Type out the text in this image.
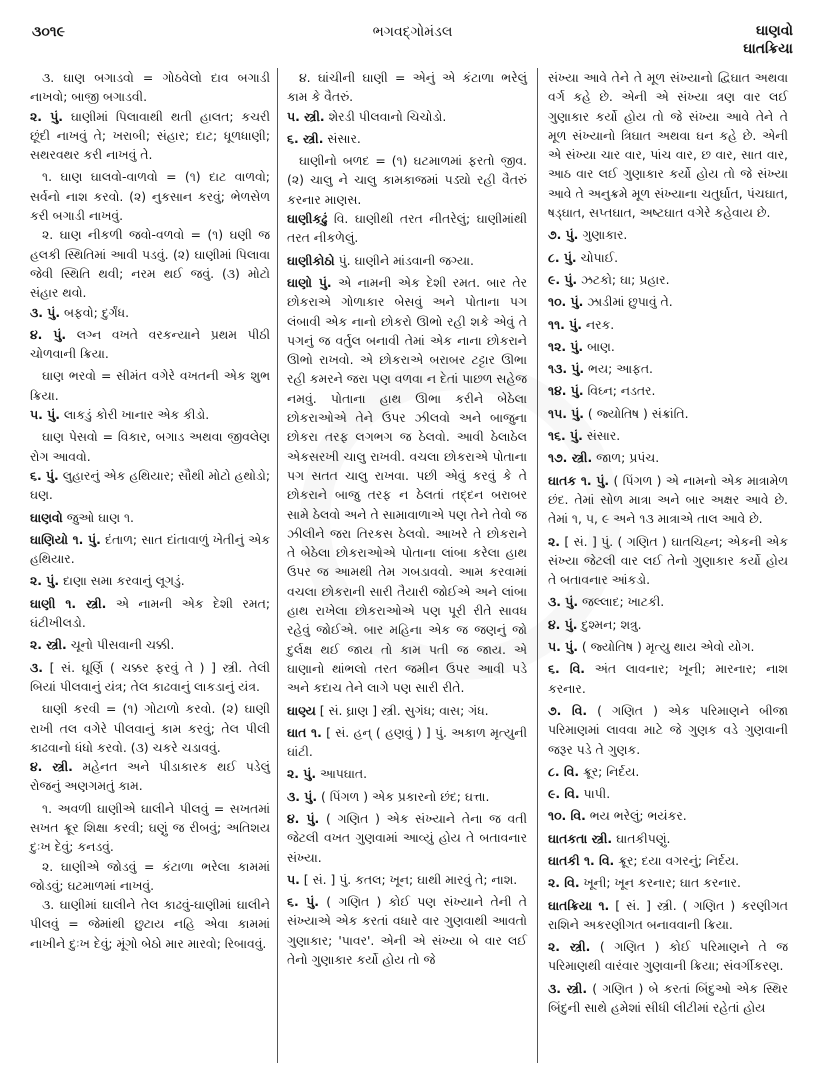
૩૦૧૯	ભગવદ્ગોમંડલ	ઘાણવો
ઘાતક્રિયા

૩. ઘાણ બગાડવો = ગોઠવેલો દાવ બગાડી નાખવો; બાજી બગાડવી.

૨. પું. ઘાણીમાં પિલાવાથી થતી હાલત; કચરી છૂંદી નાખવું તે; ખરાબી; સંહાર; દાટ; ધૂળધાણી; સથરવથર કરી નાખવું તે.

૧. ઘાણ ઘાલવો-વાળવો = (૧) દાટ વાળવો; સર્વનો નાશ કરવો. (૨) નુકસાન કરવું; ભેળસેળ કરી બગાડી નાખવું.

૨. ઘાણ નીકળી જવો-વળવો = (૧) ઘણી જ હલકી સ્થિતિમાં આવી પડવું. (૨) ઘાણીમાં પિલાવા જેવી સ્થિતિ થવી; નરમ થઈ જવું. (૩) મોટો સંહાર થવો.

૩. પું. બફવો; દુર્ગંધ.

૪. પું. લગ્ન વખતે વરકન્યાને પ્રથમ પીઠી ચોળવાની ક્રિયા.

ઘાણ ભરવો = સીમંત વગેરે વખતની એક શુભ ક્રિયા.

૫. પું. લાકડું કોરી ખાનાર એક કીડો.

ઘાણ પેસવો = વિકાર, બગાડ અથવા જીવલેણ રોગ આવવો.

૬. પું. લુહારનું એક હથિયાર; સૌથી મોટો હથોડો; ઘણ.

ઘાણવો જુઓ ઘાણ ૧.

ઘાણિયો ૧. પું. દંતાળ; સાત દાંતાવાળું ખેતીનું એક હથિયાર.

૨. પું. દાણા સમા કરવાનું લૂગડું.

ઘાણી ૧. સ્ત્રી. એ નામની એક દેશી રમત; ઘંટીખીલડો.

૨. સ્ત્રી. ચૂનો પીસવાની ચક્કી.

૩. [ સં. ઘૂર્ણિ ( ચક્કર ફરવું તે ) ] સ્ત્રી. તેલી બિયાં પીલવાનું યંત્ર; તેલ કાઢવાનું લાકડાનું યંત્ર.

ઘાણી કરવી = (૧) ગોટાળો કરવો. (૨) ઘાણી રાખી તલ વગેરે પીલવાનું કામ કરવું; તેલ પીલી કાઢવાનો ધંધો કરવો. (૩) ચકરે ચડાવવું.

૪. સ્ત્રી. મહેનત અને પીડાકારક થઈ પડેલું રોજનું અણગમતું કામ.

૧. અવળી ઘાણીએ ઘાલીને પીલવું = સખતમાં સખત ક્રૂર શિક્ષા કરવી; ઘણું જ રીબવું; અતિશય દુઃખ દેવું; કનડવું.

૨. ઘાણીએ જોડવું = કંટાળા ભરેલા કામમાં જોડવું; ઘટમાળમાં નાખવું.

૩. ઘાણીમાં ઘાલીને તેલ કાઢવું-ઘાણીમાં ઘાલીને પીલવું = જેમાંથી છુટાય નહિ એવા કામમાં નાખીને દુઃખ દેવું; મૂંગો બેઠો માર મારવો; રિબાવવું.

૪. ઘાંચીની ઘાણી = એનું એ કંટાળા ભરેલું કામ કે વૈતરું.

૫. સ્ત્રી. શેરડી પીલવાનો ચિચોડો.

૬. સ્ત્રી. સંસાર.

ઘાણીનો બળદ = (૧) ઘટમાળમાં ફરતો જીવ. (૨) ચાલુ ને ચાલુ કામકાજમાં પડ્યો રહી વૈતરું કરનાર માણસ.

ઘાણીકઢું વિ. ઘાણીથી તરત નીતરેલું; ઘાણીમાંથી તરત નીકળેલું.

ઘાણીકોઠો પું. ઘાણીને માંડવાની જગ્યા.

ઘાણો પું. એ નામની એક દેશી રમત. બાર તેર છોકરાએ ગોળાકાર બેસવું અને પોતાના પગ લંબાવી એક નાનો છોકરો ઊભો રહી શકે એવું તે પગનું જ વર્તુલ બનાવી તેમાં એક નાના છોકરાને ઊભો રાખવો. એ છોકરાએ બરાબર ટટ્ટાર ઊભા રહી કમરને જરા પણ વળવા ન દેતાં પાછળ સહેજ નમવું. પોતાના હાથ ઊભા કરીને બેઠેલા છોકરાઓએ તેને ઉપર ઝીલવો અને બાજુના છોકરા તરફ લગભગ જ ઠેલવો. આવી ઠેલાઠેલ એકસરખી ચાલુ રાખવી. વચલા છોકરાએ પોતાના પગ સતત ચાલુ રાખવા. પછી એવું કરવું કે તે છોકરાને બાજુ તરફ ન ઠેલતાં તદ્દન બરાબર સામે ઠેલવો અને તે સામાવાળાએ પણ તેને તેવો જ ઝીલીને જરા તિરકસ ઠેલવો. આખરે તે છોકરાને તે બેઠેલા છોકરાઓએ પોતાના લાંબા કરેલા હાથ ઉપર જ આમથી તેમ ગબડાવવો. આમ કરવામાં વચલા છોકરાની સારી તૈયારી જોઈએ અને લાંબા હાથ રાખેલા છોકરાઓએ પણ પૂરી રીતે સાવધ રહેવું જોઈએ. બાર મહિના એક જ જણનું જો દુર્લક્ષ થઈ જાય તો કામ પતી જ જાય. એ ઘાણાનો થાંભલો તરત જમીન ઉપર આવી પડે અને કદાચ તેને લાગે પણ સારી રીતે.

ઘાણ્ય [ સં. ઘ્રાણ ] સ્ત્રી. સુગંધ; વાસ; ગંધ.

ઘાત ૧. [ સં. હન્ ( હણવું ) ] પું. અકાળ મૃત્યુની ઘાંટી.

૨. પું. આપઘાત.

૩. પું. ( પિંગળ ) એક પ્રકારનો છંદ; ઘત્તા.

૪. પું. ( ગણિત ) એક સંખ્યાને તેના જ વતી જેટલી વખત ગુણવામાં આવ્યું હોય તે બતાવનાર સંખ્યા.

૫. [ સં. ] પું. કતલ; ખૂન; ઘાથી મારવું તે; નાશ.

૬. પું. ( ગણિત ) કોઈ પણ સંખ્યાને તેની તે સંખ્યાએ એક કરતાં વધારે વાર ગુણવાથી આવતો ગુણાકાર; 'પાવર'. એની એ સંખ્યા બે વાર લઈ તેનો ગુણાકાર કર્યો હોય તો જે

સંખ્યા આવે તેને તે મૂળ સંખ્યાનો દ્વિઘાત અથવા વર્ગ કહે છે. એની એ સંખ્યા ત્રણ વાર લઈ ગુણાકાર કર્યો હોય તો જે સંખ્યા આવે તેને તે મૂળ સંખ્યાનો ત્રિઘાત અથવા ઘન કહે છે. એની એ સંખ્યા ચાર વાર, પાંચ વાર, છ વાર, સાત વાર, આઠ વાર લઈ ગુણાકાર કર્યો હોય તો જે સંખ્યા આવે તે અનુક્રમે મૂળ સંખ્યાના ચતુર્ઘાત, પંચઘાત, ષડ્ઘાત, સપ્તઘાત, અષ્ટઘાત વગેરે કહેવાય છે.

૭. પું. ગુણાકાર.

૮. પું. ચોપાઈ.

૯. પું. ઝટકો; ઘા; પ્રહાર.

૧૦. પું. ઝાડીમાં છુપાવું તે.

૧૧. પું. નરક.

૧૨. પું. બાણ.

૧૩. પું. ભય; આફત.

૧૪. પું. વિઘ્ન; નડતર.

૧૫. પું. ( જ્યોતિષ ) સંક્રાંતિ.

૧૬. પું. સંસાર.

૧૭. સ્ત્રી. જાળ; પ્રપંચ.

ઘાતક ૧. પું. ( પિંગળ ) એ નામનો એક માત્રામેળ છંદ. તેમાં સોળ માત્રા અને બાર અક્ષર આવે છે. તેમાં ૧, ૫, ૯ અને ૧૩ માત્રાએ તાલ આવે છે.

૨. [ સં. ] પું. ( ગણિત ) ઘાતચિહ્ન; એકની એક સંખ્યા જેટલી વાર લઈ તેનો ગુણાકાર કર્યો હોય તે બતાવનાર આંકડો.

૩. પું. જલ્લાદ; ખાટકી.

૪. પું. દુશ્મન; શત્રુ.

૫. પું. ( જ્યોતિષ ) મૃત્યુ થાય એવો યોગ.

૬. વિ. અંત લાવનાર; ખૂની; મારનાર; નાશ કરનાર.

૭. વિ. ( ગણિત ) એક પરિમાણને બીજા પરિમાણમાં લાવવા માટે જે ગુણક વડે ગુણવાની જરૂર પડે તે ગુણક.

૮. વિ. ક્રૂર; નિર્દય.

૯. વિ. પાપી.

૧૦. વિ. ભય ભરેલું; ભયંકર.

ઘાતકતા સ્ત્રી. ઘાતકીપણું.

ઘાતકી ૧. વિ. ક્રૂર; દયા વગરનું; નિર્દય.

૨. વિ. ખૂની; ખૂન કરનાર; ઘાત કરનાર.

ઘાતક્રિયા ૧. [ સં. ] સ્ત્રી. ( ગણિત ) કરણીગત રાશિને અકરણીગત બનાવવાની ક્રિયા.

૨. સ્ત્રી. ( ગણિત ) કોઈ પરિમાણને તે જ પરિમાણથી વારંવાર ગુણવાની ક્રિયા; સંવર્ગીકરણ.

૩. સ્ત્રી. ( ગણિત ) બે કરતાં બિંદુઓ એક સ્થિર બિંદુની સાથે હમેશાં સીધી લીટીમાં રહેતાં હોય
